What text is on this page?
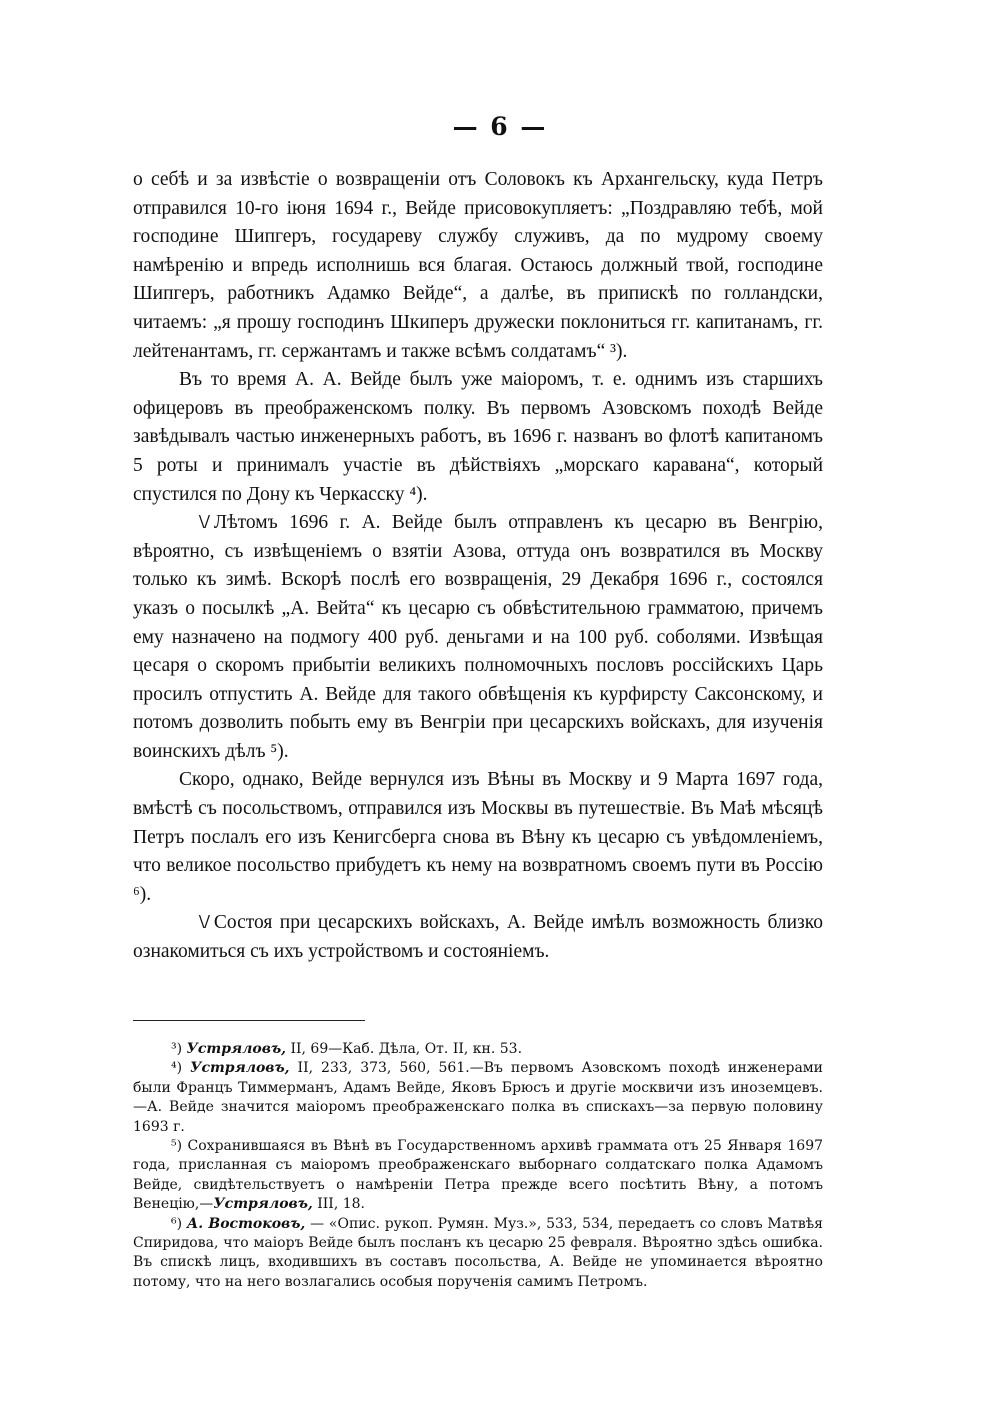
— 6 —

о себѣ и за извѣстіе о возвращеніи отъ Соловокъ къ Архангельску, куда Петръ отправился 10-го іюня 1694 г., Вейде присовокупляетъ: „Поздравляю тебѣ, мой господине Шипгеръ, государеву службу служивъ, да по мудрому своему намѣренію и впредь исполнишь вся благая. Остаюсь должный твой, господине Шипгеръ, работникъ Адамко Вейде“, а далѣе, въ припискѣ по голландски, читаемъ: „я прошу господинъ Шкиперъ дружески поклониться гг. капитанамъ, гг. лейтенантамъ, гг. сержантамъ и также всѣмъ солдатамъ“ ³).

Въ то время А. А. Вейде былъ уже маіоромъ, т. е. однимъ изъ старшихъ офицеровъ въ преображенскомъ полку. Въ первомъ Азовскомъ походѣ Вейде завѣдывалъ частью инженерныхъ работъ, въ 1696 г. названъ во флотѣ капитаномъ 5 роты и принималъ участіе въ дѣйствіяхъ „морскаго каравана“, который спустился по Дону къ Черкасску ⁴).

\/ Лѣтомъ 1696 г. А. Вейде былъ отправленъ къ цесарю въ Венгрію, вѣроятно, съ извѣщеніемъ о взятіи Азова, оттуда онъ возвратился въ Москву только къ зимѣ. Вскорѣ послѣ его возвращенія, 29 Декабря 1696 г., состоялся указъ о посылкѣ „А. Вейта“ къ цесарю съ обвѣстительною грамматою, причемъ ему назначено на подмогу 400 руб. деньгами и на 100 руб. соболями. Извѣщая цесаря о скоромъ прибытіи великихъ полномочныхъ пословъ россійскихъ Царь просилъ отпустить А. Вейде для такого обвѣщенія къ курфирсту Саксонскому, и потомъ дозволить побыть ему въ Венгріи при цесарскихъ войскахъ, для изученія воинскихъ дѣлъ ⁵).

Скоро, однако, Вейде вернулся изъ Вѣны въ Москву и 9 Марта 1697 года, вмѣстѣ съ посольствомъ, отправился изъ Москвы въ путешествіе. Въ Маѣ мѣсяцѣ Петръ послалъ его изъ Кенигсберга снова въ Вѣну къ цесарю съ увѣдомленіемъ, что великое посольство прибудетъ къ нему на возвратномъ своемъ пути въ Россію ⁶).

\/ Состоя при цесарскихъ войскахъ, А. Вейде имѣлъ возможность близко ознакомиться съ ихъ устройствомъ и состояніемъ.

³) Устряловъ, II, 69—Каб. Дѣла, От. II, кн. 53.

⁴) Устряловъ, II, 233, 373, 560, 561.—Въ первомъ Азовскомъ походѣ инженерами были Францъ Тиммерманъ, Адамъ Вейде, Яковъ Брюсъ и другіе москвичи изъ иноземцевъ.—А. Вейде значится маіоромъ преображенскаго полка въ спискахъ—за первую половину 1693 г.

⁵) Сохранившаяся въ Вѣнѣ въ Государственномъ архивѣ граммата отъ 25 Января 1697 года, присланная съ маіоромъ преображенскаго выборнаго солдатскаго полка Адамомъ Вейде, свидѣтельствуетъ о намѣреніи Петра прежде всего посѣтить Вѣну, а потомъ Венецію,—Устряловъ, III, 18.

⁶) А. Востоковъ, — «Опис. рукоп. Румян. Муз.», 533, 534, передаетъ со словъ Матвѣя Спиридова, что маіоръ Вейде былъ посланъ къ цесарю 25 февраля. Вѣроятно здѣсь ошибка. Въ спискѣ лицъ, входившихъ въ составъ посольства, А. Вейде не упоминается вѣроятно потому, что на него возлагались особыя порученія самимъ Петромъ.
